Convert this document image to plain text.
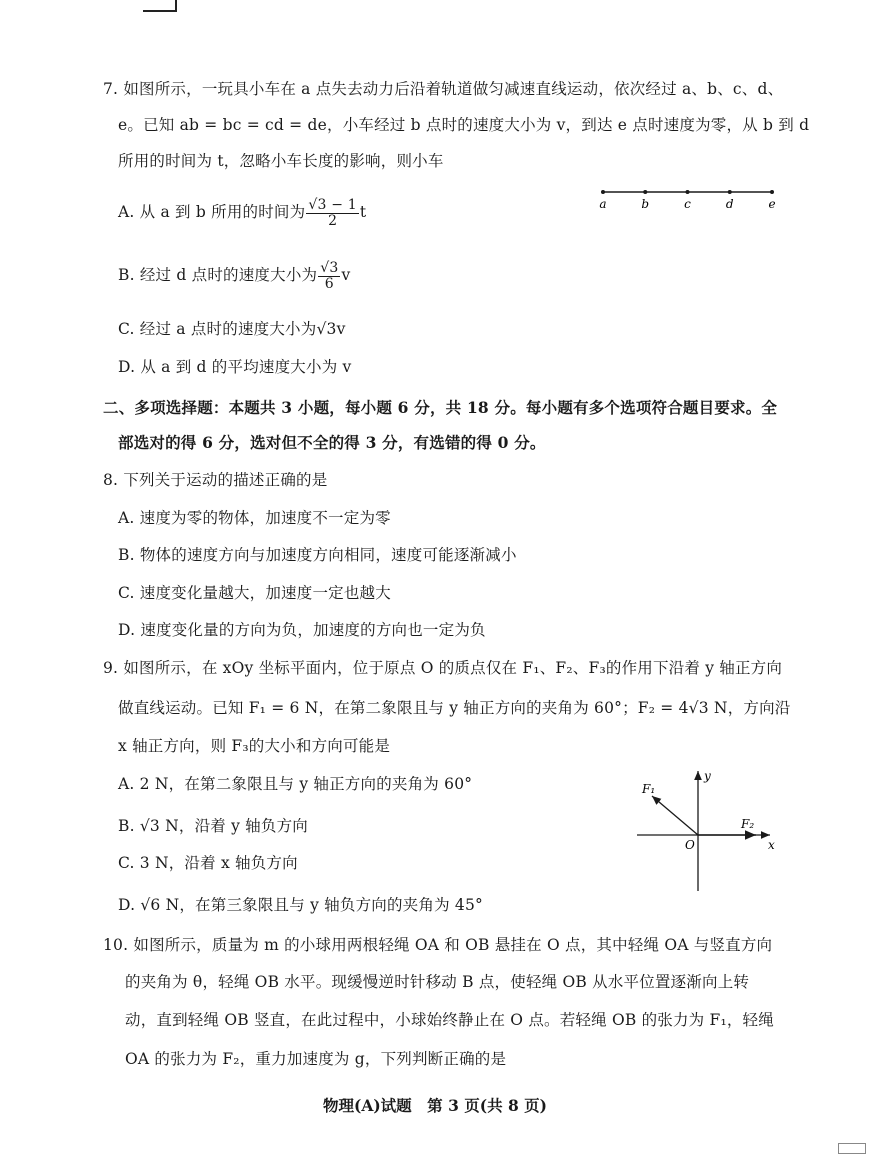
7. 如图所示，一玩具小车在 a 点失去动力后沿着轨道做匀减速直线运动，依次经过 a、b、c、d、
e。已知 ab = bc = cd = de，小车经过 b 点时的速度大小为 v，到达 e 点时速度为零，从 b 到 d
所用的时间为 t，忽略小车长度的影响，则小车
A. 从 a 到 b 所用的时间为 $\frac{√3 - 1}{2}$ t	a	b	c	d	e
B. 经过 d 点时的速度大小为 $\frac{√3}{6}$ v
C. 经过 a 点时的速度大小为√3v
D. 从 a 到 d 的平均速度大小为 v
二、多项选择题：本题共 3 小题，每小题 6 分，共 18 分。每小题有多个选项符合题目要求。全
部选对的得 6 分，选对但不全的得 3 分，有选错的得 0 分。
8. 下列关于运动的描述正确的是
A. 速度为零的物体，加速度不一定为零
B. 物体的速度方向与加速度方向相同，速度可能逐渐减小
C. 速度变化量越大，加速度一定也越大
D. 速度变化量的方向为负，加速度的方向也一定为负
9. 如图所示，在 xOy 坐标平面内，位于原点 O 的质点仅在 F₁、F₂、F₃的作用下沿着 y 轴正方向
做直线运动。已知 F₁ = 6 N，在第二象限且与 y 轴正方向的夹角为 60°；F₂ = 4√3 N，方向沿
x 轴正方向，则 F₃的大小和方向可能是
A. 2 N，在第二象限且与 y 轴正方向的夹角为 60°
B. √3 N，沿着 y 轴负方向
C. 3 N，沿着 x 轴负方向
D. √6 N，在第三象限且与 y 轴负方向的夹角为 45°
y
x
O
F₁
F₂
10. 如图所示，质量为 m 的小球用两根轻绳 OA 和 OB 悬挂在 O 点，其中轻绳 OA 与竖直方向
的夹角为 θ，轻绳 OB 水平。现缓慢逆时针移动 B 点，使轻绳 OB 从水平位置逐渐向上转
动，直到轻绳 OB 竖直，在此过程中，小球始终静止在 O 点。若轻绳 OB 的张力为 F₁，轻绳
OA 的张力为 F₂，重力加速度为 g，下列判断正确的是
物理(A)试题　第 3 页(共 8 页)
